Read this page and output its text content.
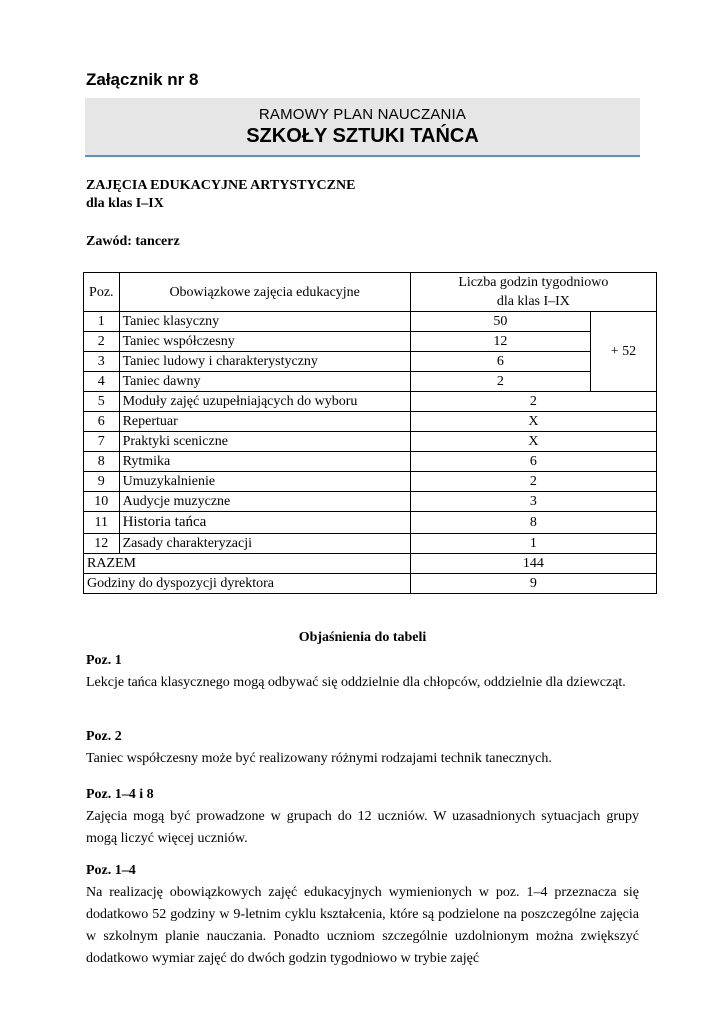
Załącznik nr 8
RAMOWY PLAN NAUCZANIA
SZKOŁY SZTUKI TAŃCA
ZAJĘCIA EDUKACYJNE ARTYSTYCZNE
dla klas I–IX
Zawód: tancerz
Poz.	Obowiązkowe zajęcia edukacyjne	Liczba godzin tygodniowo
dla klas I–IX	

1	Taniec klasyczny	50	+ 52
2	Taniec współczesny	12	
3	Taniec ludowy i charakterystyczny	6	
4	Taniec dawny	2	
5	Moduły zajęć uzupełniających do wyboru	2	
6	Repertuar	X	
7	Praktyki sceniczne	X	
8	Rytmika	6	
9	Umuzykalnienie	2	
10	Audycje muzyczne	3	
11	Historia tańca	8	
12	Zasady charakteryzacji	1	
RAZEM		144	
Godziny do dyspozycji dyrektora		9	
Objaśnienia do tabeli
Poz. 1
Lekcje tańca klasycznego mogą odbywać się oddzielnie dla chłopców, oddzielnie dla dziewcząt.
Poz. 2
Taniec współczesny może być realizowany różnymi rodzajami technik tanecznych.
Poz. 1–4 i 8
Zajęcia mogą być prowadzone w grupach do 12 uczniów. W uzasadnionych sytuacjach grupy mogą liczyć więcej uczniów.
Poz. 1–4
Na realizację obowiązkowych zajęć edukacyjnych wymienionych w poz. 1–4 przeznacza się dodatkowo 52 godziny w 9-letnim cyklu kształcenia, które są podzielone na poszczególne zajęcia w szkolnym planie nauczania. Ponadto uczniom szczególnie uzdolnionym można zwiększyć dodatkowo wymiar zajęć do dwóch godzin tygodniowo w trybie zajęć
